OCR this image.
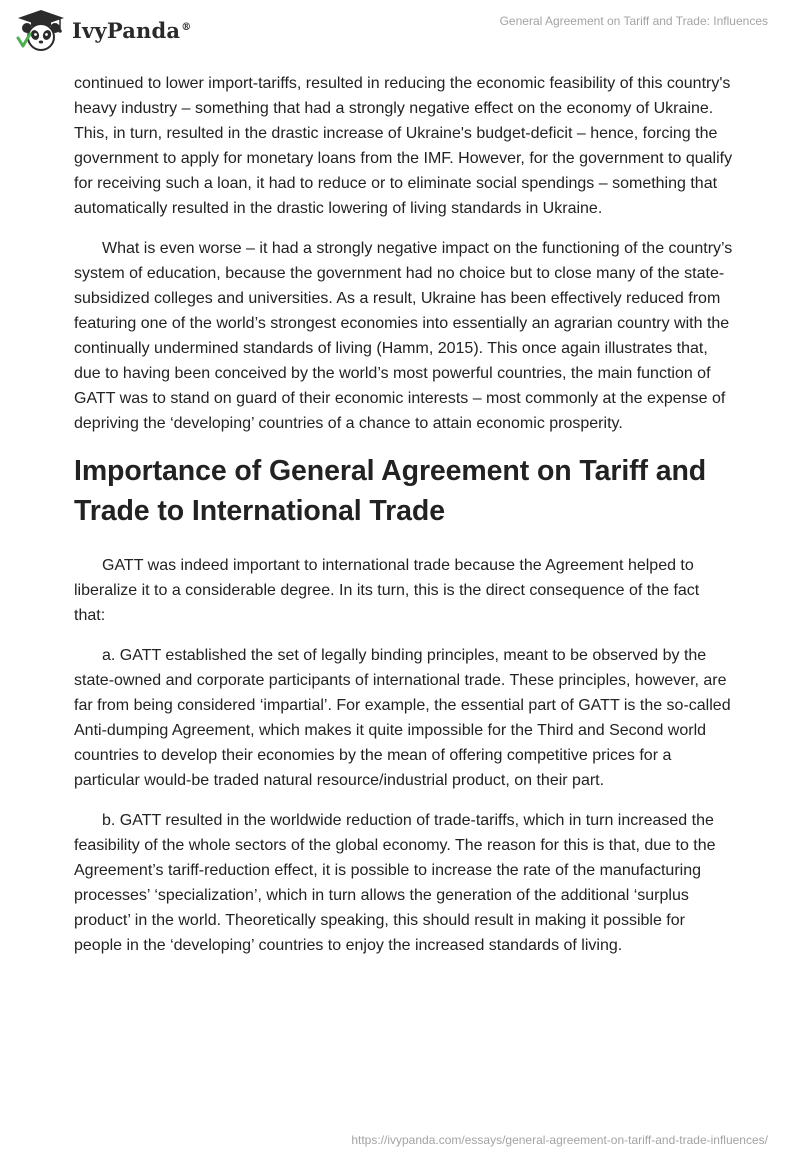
IvyPanda®	General Agreement on Tariff and Trade: Influences

continued to lower import-tariffs, resulted in reducing the economic feasibility of this country's heavy industry – something that had a strongly negative effect on the economy of Ukraine. This, in turn, resulted in the drastic increase of Ukraine's budget-deficit – hence, forcing the government to apply for monetary loans from the IMF. However, for the government to qualify for receiving such a loan, it had to reduce or to eliminate social spendings – something that automatically resulted in the drastic lowering of living standards in Ukraine.

What is even worse – it had a strongly negative impact on the functioning of the country’s system of education, because the government had no choice but to close many of the state-subsidized colleges and universities. As a result, Ukraine has been effectively reduced from featuring one of the world’s strongest economies into essentially an agrarian country with the continually undermined standards of living (Hamm, 2015). This once again illustrates that, due to having been conceived by the world’s most powerful countries, the main function of GATT was to stand on guard of their economic interests – most commonly at the expense of depriving the ‘developing’ countries of a chance to attain economic prosperity.

Importance of General Agreement on Tariff and Trade to International Trade

GATT was indeed important to international trade because the Agreement helped to liberalize it to a considerable degree. In its turn, this is the direct consequence of the fact that:

a. GATT established the set of legally binding principles, meant to be observed by the state-owned and corporate participants of international trade. These principles, however, are far from being considered ‘impartial’. For example, the essential part of GATT is the so-called Anti-dumping Agreement, which makes it quite impossible for the Third and Second world countries to develop their economies by the mean of offering competitive prices for a particular would-be traded natural resource/industrial product, on their part.

b. GATT resulted in the worldwide reduction of trade-tariffs, which in turn increased the feasibility of the whole sectors of the global economy. The reason for this is that, due to the Agreement’s tariff-reduction effect, it is possible to increase the rate of the manufacturing processes’ ‘specialization’, which in turn allows the generation of the additional ‘surplus product’ in the world. Theoretically speaking, this should result in making it possible for people in the ‘developing’ countries to enjoy the increased standards of living.

https://ivypanda.com/essays/general-agreement-on-tariff-and-trade-influences/
